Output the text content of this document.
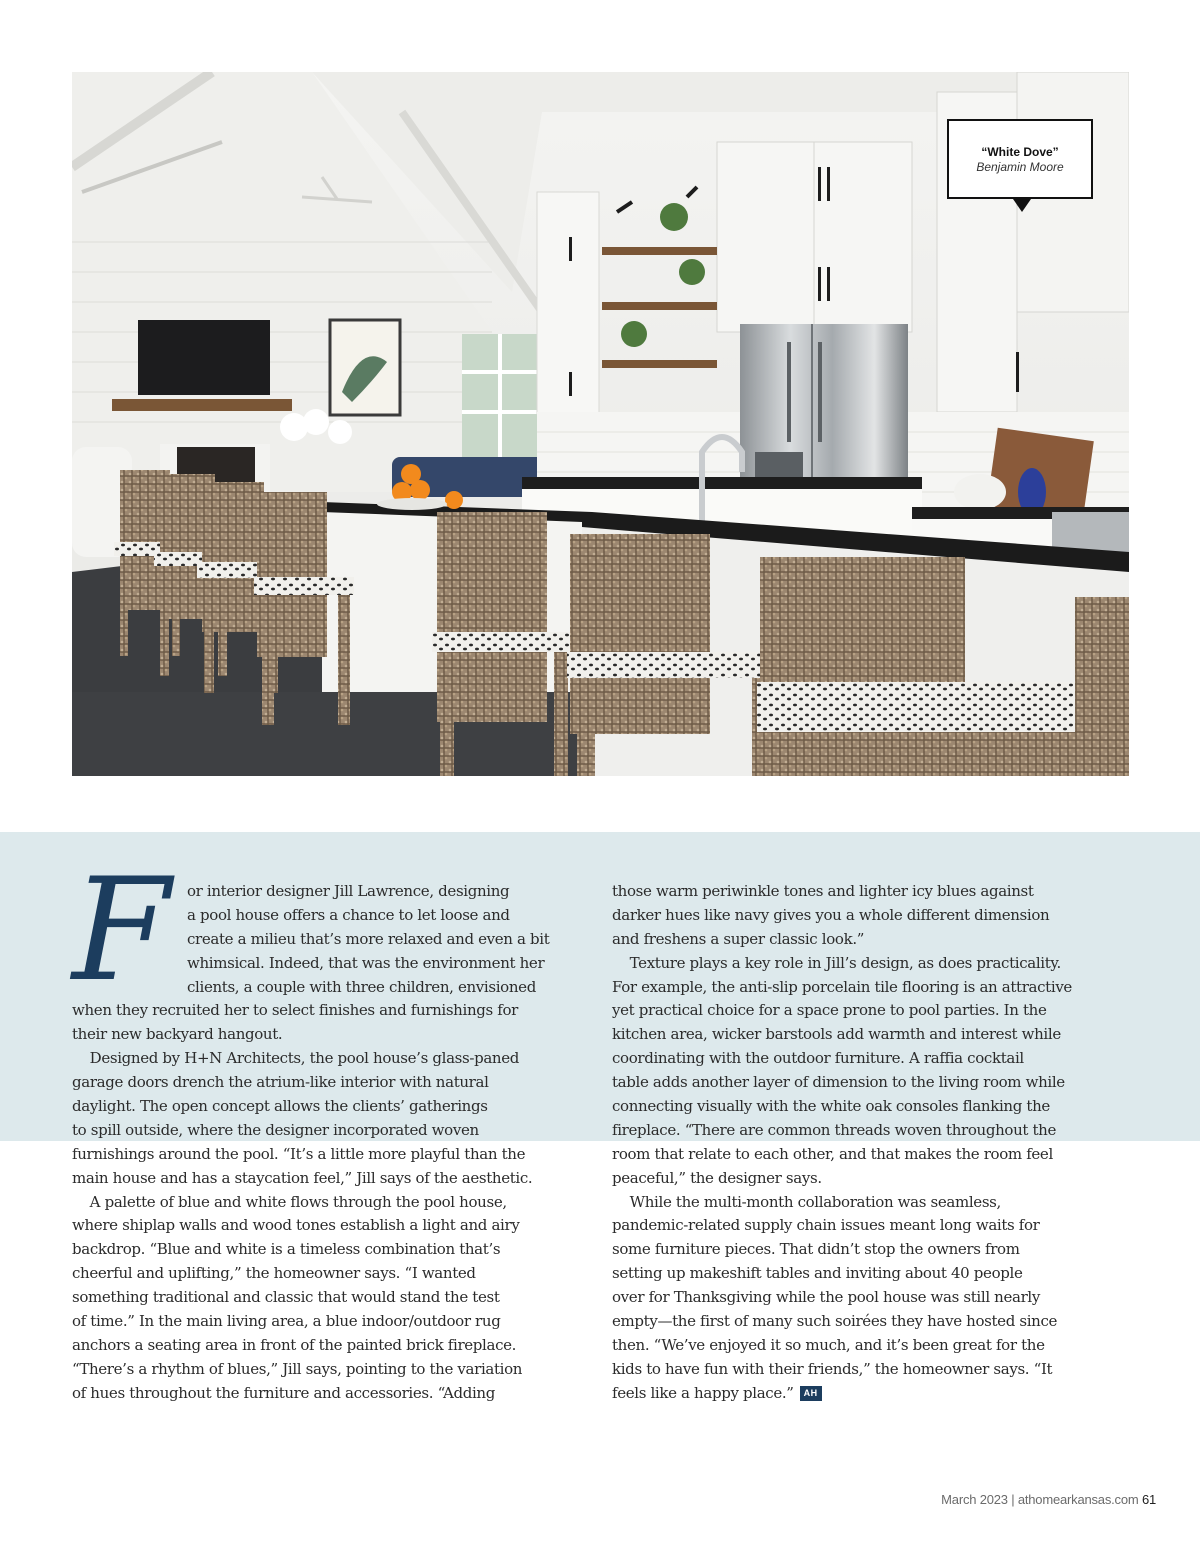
“White Dove”
Benjamin Moore
F	or interior designer Jill Lawrence, designing
a pool house offers a chance to let loose and
create a milieu that’s more relaxed and even a bit
whimsical. Indeed, that was the environment her
clients, a couple with three children, envisioned
when they recruited her to select finishes and furnishings for
their new backyard hangout.
Designed by H+N Architects, the pool house’s glass-paned
garage doors drench the atrium-like interior with natural
daylight. The open concept allows the clients’ gatherings
to spill outside, where the designer incorporated woven
furnishings around the pool. “It’s a little more playful than the
main house and has a staycation feel,” Jill says of the aesthetic.
A palette of blue and white flows through the pool house,
where shiplap walls and wood tones establish a light and airy
backdrop. “Blue and white is a timeless combination that’s
cheerful and uplifting,” the homeowner says. “I wanted
something traditional and classic that would stand the test
of time.” In the main living area, a blue indoor/outdoor rug
anchors a seating area in front of the painted brick fireplace.
“There’s a rhythm of blues,” Jill says, pointing to the variation
of hues throughout the furniture and accessories. “Adding
those warm periwinkle tones and lighter icy blues against
darker hues like navy gives you a whole different dimension
and freshens a super classic look.”
Texture plays a key role in Jill’s design, as does practicality.
For example, the anti-slip porcelain tile flooring is an attractive
yet practical choice for a space prone to pool parties. In the
kitchen area, wicker barstools add warmth and interest while
coordinating with the outdoor furniture. A raffia cocktail
table adds another layer of dimension to the living room while
connecting visually with the white oak consoles flanking the
fireplace. “There are common threads woven throughout the
room that relate to each other, and that makes the room feel
peaceful,” the designer says.
While the multi-month collaboration was seamless,
pandemic-related supply chain issues meant long waits for
some furniture pieces. That didn’t stop the owners from
setting up makeshift tables and inviting about 40 people
over for Thanksgiving while the pool house was still nearly
empty—the first of many such soirées they have hosted since
then. “We’ve enjoyed it so much, and it’s been great for the
kids to have fun with their friends,” the homeowner says. “It
feels like a happy place.” AH
March 2023 | athomearkansas.com 61
